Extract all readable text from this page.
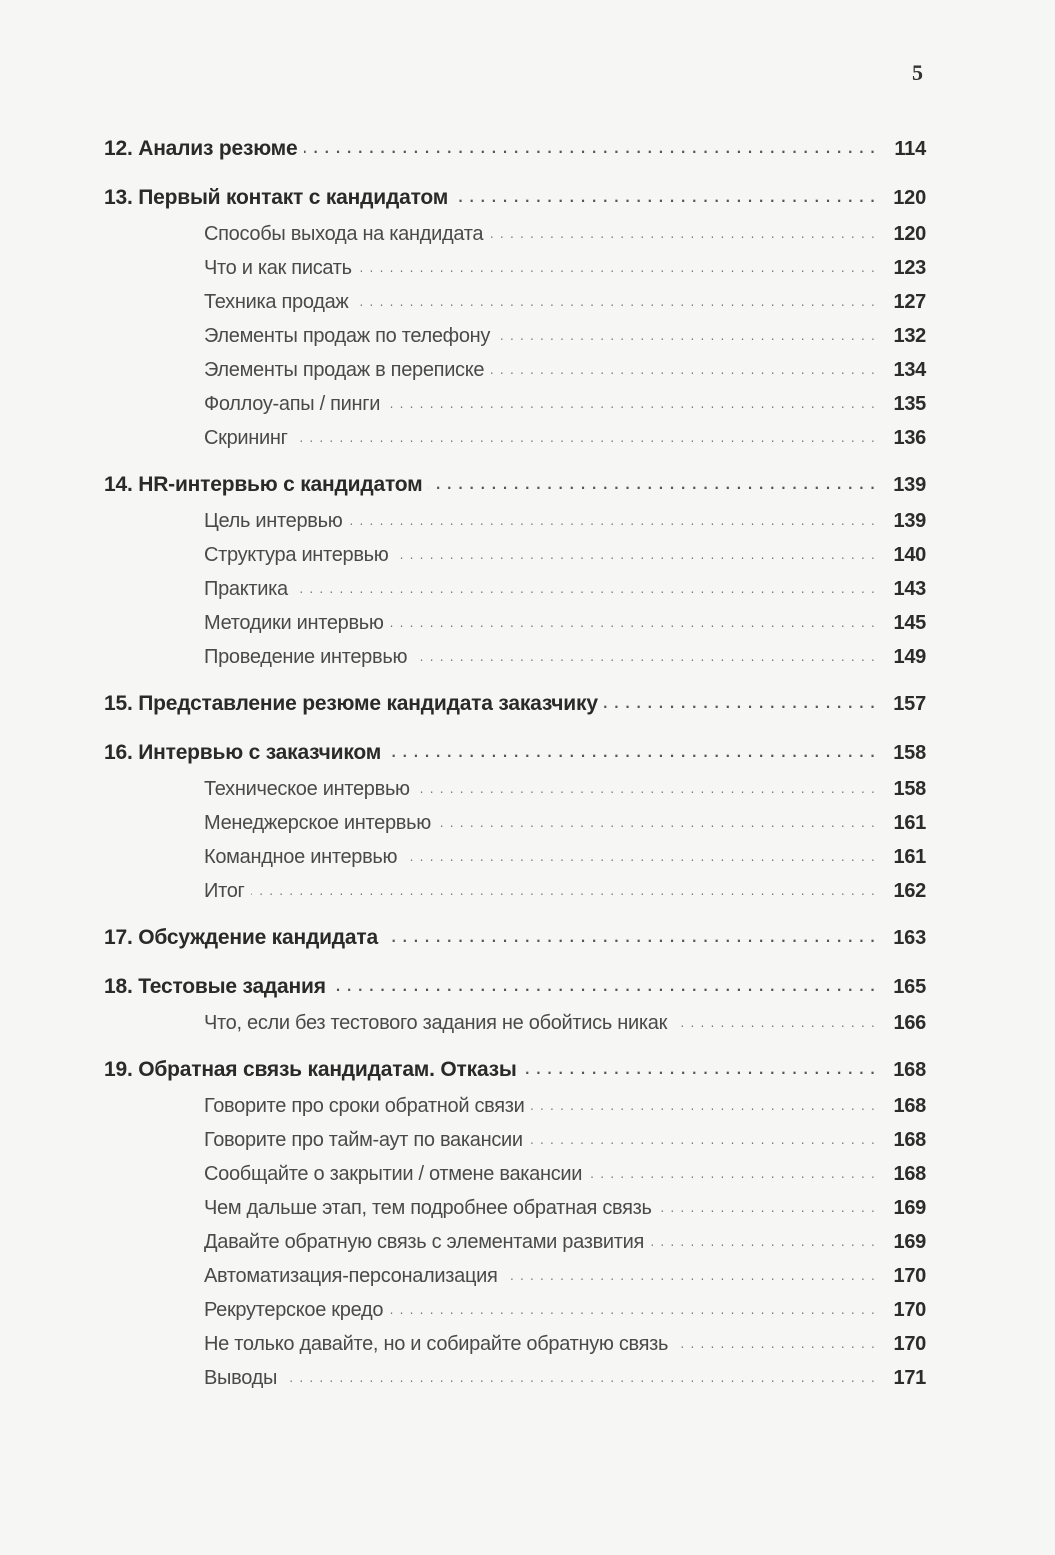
5
12. Анализ резюме . . .	114
13. Первый контакт с кандидатом . . .	120
Способы выхода на кандидата . . .	120
Что и как писать . . .	123
Техника продаж . . .	127
Элементы продаж по телефону . . .	132
Элементы продаж в переписке . . .	134
Фоллоу-апы / пинги . . .	135
Скрининг . . .	136
14. HR-интервью с кандидатом . . .	139
Цель интервью . . .	139
Структура интервью . . .	140
Практика . . .	143
Методики интервью . . .	145
Проведение интервью . . .	149
15. Представление резюме кандидата заказчику . . .	157
16. Интервью с заказчиком . . .	158
Техническое интервью . . .	158
Менеджерское интервью . . .	161
Командное интервью . . .	161
Итог . . .	162
17. Обсуждение кандидата . . .	163
18. Тестовые задания . . .	165
Что, если без тестового задания не обойтись никак . . .	166
19. Обратная связь кандидатам. Отказы . . .	168
Говорите про сроки обратной связи . . .	168
Говорите про тайм-аут по вакансии . . .	168
Сообщайте о закрытии / отмене вакансии . . .	168
Чем дальше этап, тем подробнее обратная связь . . .	169
Давайте обратную связь с элементами развития . . .	169
Автоматизация-персонализация . . .	170
Рекрутерское кредо . . .	170
Не только давайте, но и собирайте обратную связь . . .	170
Выводы . . .	171
